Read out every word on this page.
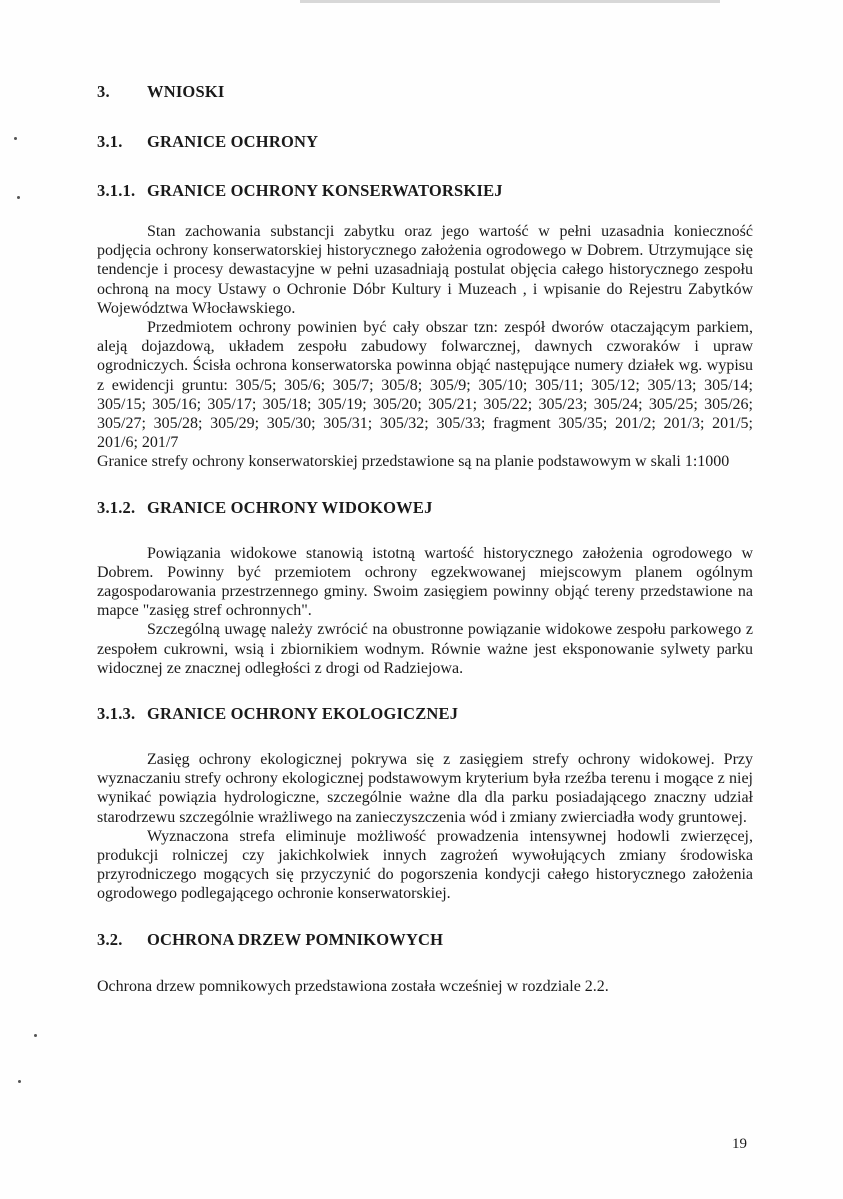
3.	WNIOSKI
3.1.	GRANICE OCHRONY
3.1.1. GRANICE OCHRONY KONSERWATORSKIEJ

Stan zachowania substancji zabytku oraz jego wartość w pełni uzasadnia konieczność podjęcia ochrony konserwatorskiej historycznego założenia ogrodowego w Dobrem. Utrzymujące się tendencje i procesy dewastacyjne w pełni uzasadniają postulat objęcia całego historycznego zespołu ochroną na mocy Ustawy o Ochronie Dóbr Kultury i Muzeach , i wpisanie do Rejestru Zabytków Województwa Włocławskiego.

Przedmiotem ochrony powinien być cały obszar tzn: zespół dworów otaczającym parkiem, aleją dojazdową, układem zespołu zabudowy folwarcznej, dawnych czworaków i upraw ogrodniczych. Ścisła ochrona konserwatorska powinna objąć następujące numery działek wg. wypisu z ewidencji gruntu: 305/5; 305/6; 305/7; 305/8; 305/9; 305/10; 305/11; 305/12; 305/13; 305/14; 305/15; 305/16; 305/17; 305/18; 305/19; 305/20; 305/21; 305/22; 305/23; 305/24; 305/25; 305/26; 305/27; 305/28; 305/29; 305/30; 305/31; 305/32; 305/33; fragment 305/35; 201/2; 201/3; 201/5; 201/6; 201/7

Granice strefy ochrony konserwatorskiej przedstawione są na planie podstawowym w skali 1:1000

3.1.2. GRANICE OCHRONY WIDOKOWEJ

Powiązania widokowe stanowią istotną wartość historycznego założenia ogrodowego w Dobrem. Powinny być przemiotem ochrony egzekwowanej miejscowym planem ogólnym zagospodarowania przestrzennego gminy. Swoim zasięgiem powinny objąć tereny przedstawione na mapce "zasięg stref ochronnych".

Szczególną uwagę należy zwrócić na obustronne powiązanie widokowe zespołu parkowego z zespołem cukrowni, wsią i zbiornikiem wodnym. Równie ważne jest eksponowanie sylwety parku widocznej ze znacznej odległości z drogi od Radziejowa.

3.1.3. GRANICE OCHRONY EKOLOGICZNEJ

Zasięg ochrony ekologicznej pokrywa się z zasięgiem strefy ochrony widokowej. Przy wyznaczaniu strefy ochrony ekologicznej podstawowym kryterium była rzeźba terenu i mogące z niej wynikać powiązia hydrologiczne, szczególnie ważne dla dla parku posiadającego znaczny udział starodrzewu szczególnie wrażliwego na zanieczyszczenia wód i zmiany zwierciadła wody gruntowej.

Wyznaczona strefa eliminuje możliwość prowadzenia intensywnej hodowli zwierzęcej, produkcji rolniczej czy jakichkolwiek innych zagrożeń wywołujących zmiany środowiska przyrodniczego mogących się przyczynić do pogorszenia kondycji całego historycznego założenia ogrodowego podlegającego ochronie konserwatorskiej.

3.2.	OCHRONA DRZEW POMNIKOWYCH

Ochrona drzew pomnikowych przedstawiona została wcześniej w rozdziale 2.2.

19
